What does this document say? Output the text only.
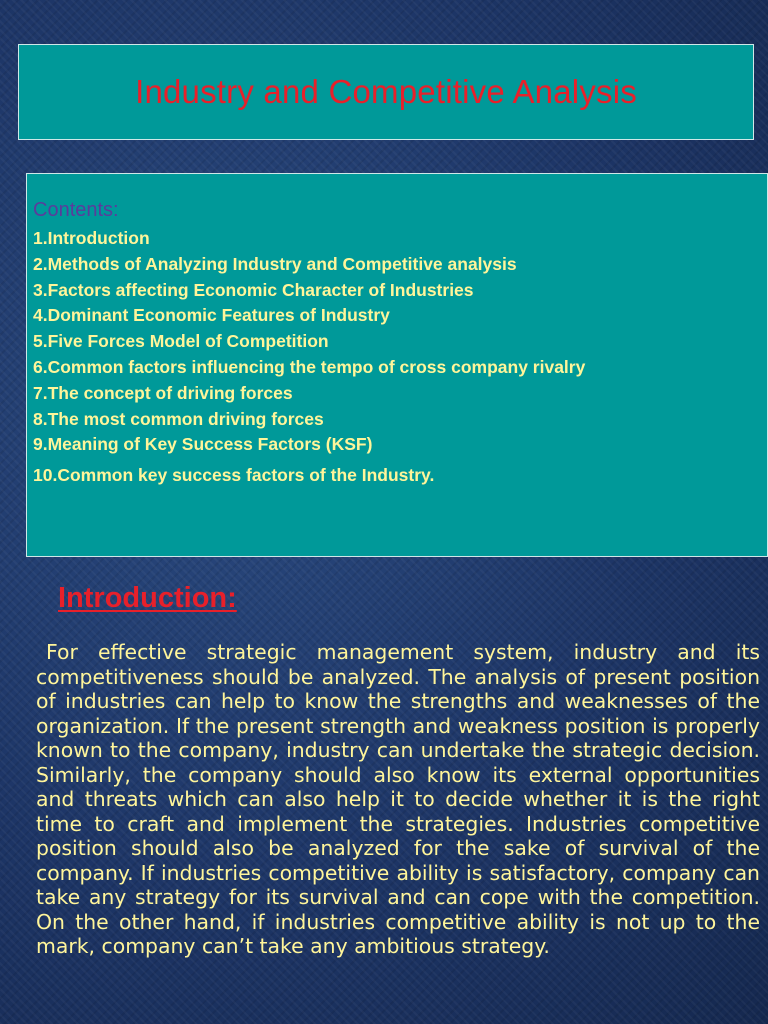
Industry and Competitive Analysis
Contents:
1.Introduction
2.Methods of Analyzing Industry and Competitive analysis
3.Factors affecting Economic Character of Industries
4.Dominant Economic Features of Industry
5.Five Forces Model of Competition
6.Common factors influencing the tempo of cross company rivalry
7.The concept of driving forces
8.The most common driving forces
9.Meaning of Key Success Factors (KSF)
10.Common key success factors of the Industry.
Introduction:

For effective strategic management system, industry and its competitiveness should be analyzed. The analysis of present position of industries can help to know the strengths and weaknesses of the organization. If the present strength and weakness position is properly known to the company, industry can undertake the strategic decision. Similarly, the company should also know its external opportunities and threats which can also help it to decide whether it is the right time to craft and implement the strategies. Industries competitive position should also be analyzed for the sake of survival of the company. If industries competitive ability is satisfactory, company can take any strategy for its survival and can cope with the competition. On the other hand, if industries competitive ability is not up to the mark, company can’t take any ambitious strategy.
